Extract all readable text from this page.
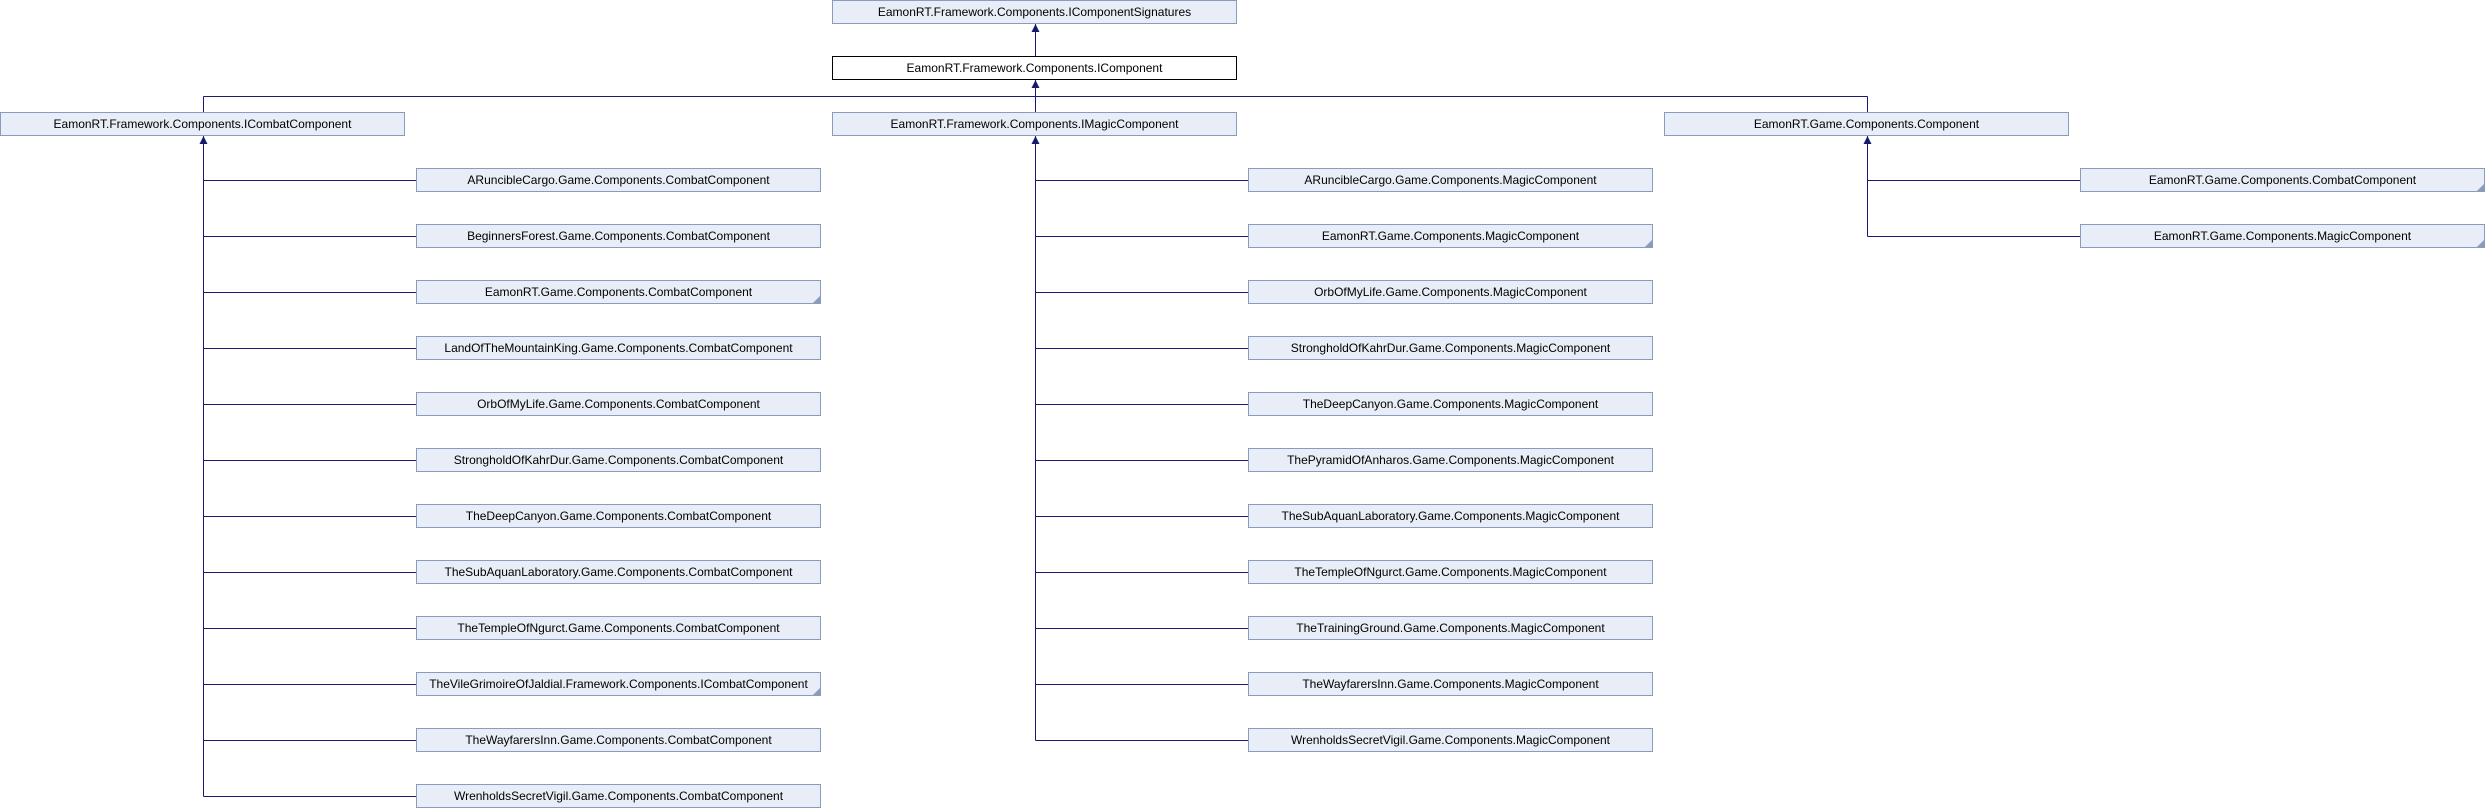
EamonRT.Framework.Components.IComponentSignatures
EamonRT.Framework.Components.IComponent
EamonRT.Framework.Components.ICombatComponent	EamonRT.Framework.Components.IMagicComponent	EamonRT.Game.Components.Component
ARuncibleCargo.Game.Components.CombatComponent
BeginnersForest.Game.Components.CombatComponent
EamonRT.Game.Components.CombatComponent
LandOfTheMountainKing.Game.Components.CombatComponent
OrbOfMyLife.Game.Components.CombatComponent
StrongholdOfKahrDur.Game.Components.CombatComponent
TheDeepCanyon.Game.Components.CombatComponent
TheSubAquanLaboratory.Game.Components.CombatComponent
TheTempleOfNgurct.Game.Components.CombatComponent
TheVileGrimoireOfJaldial.Framework.Components.ICombatComponent
TheWayfarersInn.Game.Components.CombatComponent
WrenholdsSecretVigil.Game.Components.CombatComponent
ARuncibleCargo.Game.Components.MagicComponent
EamonRT.Game.Components.MagicComponent
OrbOfMyLife.Game.Components.MagicComponent
StrongholdOfKahrDur.Game.Components.MagicComponent
TheDeepCanyon.Game.Components.MagicComponent
ThePyramidOfAnharos.Game.Components.MagicComponent
TheSubAquanLaboratory.Game.Components.MagicComponent
TheTempleOfNgurct.Game.Components.MagicComponent
TheTrainingGround.Game.Components.MagicComponent
TheWayfarersInn.Game.Components.MagicComponent
WrenholdsSecretVigil.Game.Components.MagicComponent
EamonRT.Game.Components.CombatComponent
EamonRT.Game.Components.MagicComponent
